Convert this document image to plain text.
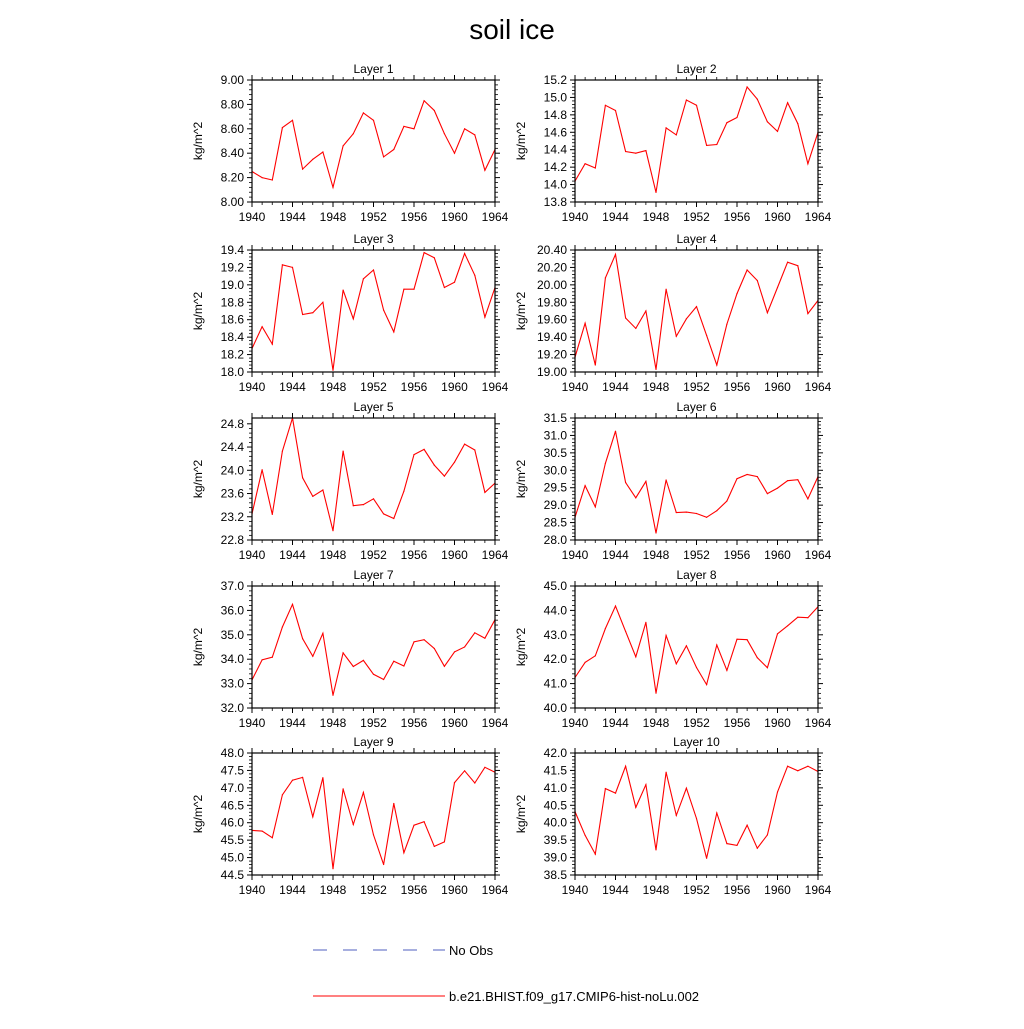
soil ice
Layer 1
9.00
8.80
8.60
8.40
8.20
8.00
1940 1944 1948 1952 1956 1960 1964
kg/m^2
Layer 2
15.2
15.0
14.8
14.6
14.4
14.2
14.0
13.8
1940 1944 1948 1952 1956 1960 1964
kg/m^2
Layer 3
19.4
19.2
19.0
18.8
18.6
18.4
18.2
18.0
1940 1944 1948 1952 1956 1960 1964
kg/m^2
Layer 4
20.40
20.20
20.00
19.80
19.60
19.40
19.20
19.00
1940 1944 1948 1952 1956 1960 1964
kg/m^2
Layer 5
24.8
24.4
24.0
23.6
23.2
22.8
1940 1944 1948 1952 1956 1960 1964
kg/m^2
Layer 6
31.5
31.0
30.5
30.0
29.5
29.0
28.5
28.0
1940 1944 1948 1952 1956 1960 1964
kg/m^2
Layer 7
37.0
36.0
35.0
34.0
33.0
32.0
1940 1944 1948 1952 1956 1960 1964
kg/m^2
Layer 8
45.0
44.0
43.0
42.0
41.0
40.0
1940 1944 1948 1952 1956 1960 1964
kg/m^2
Layer 9
48.0
47.5
47.0
46.5
46.0
45.5
45.0
44.5
1940 1944 1948 1952 1956 1960 1964
kg/m^2
Layer 10
42.0
41.5
41.0
40.5
40.0
39.5
39.0
38.5
1940 1944 1948 1952 1956 1960 1964
kg/m^2
No Obs
b.e21.BHIST.f09_g17.CMIP6-hist-noLu.002
